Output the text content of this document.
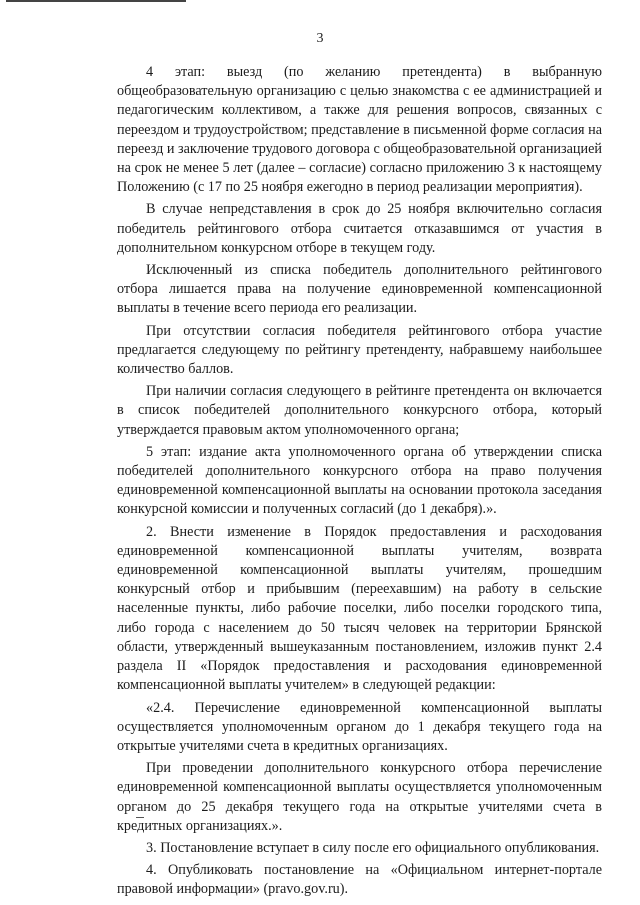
3

4 этап: выезд (по желанию претендента) в выбранную общеобразовательную организацию с целью знакомства с ее администрацией и педагогическим коллективом, а также для решения вопросов, связанных с переездом и трудоустройством; представление в письменной форме согласия на переезд и заключение трудового договора с общеобразовательной организацией на срок не менее 5 лет (далее – согласие) согласно приложению 3 к настоящему Положению (с 17 по 25 ноября ежегодно в период реализации мероприятия).

В случае непредставления в срок до 25 ноября включительно согласия победитель рейтингового отбора считается отказавшимся от участия в дополнительном конкурсном отборе в текущем году.

Исключенный из списка победитель дополнительного рейтингового отбора лишается права на получение единовременной компенсационной выплаты в течение всего периода его реализации.

При отсутствии согласия победителя рейтингового отбора участие предлагается следующему по рейтингу претенденту, набравшему наибольшее количество баллов.

При наличии согласия следующего в рейтинге претендента он включается в список победителей дополнительного конкурсного отбора, который утверждается правовым актом уполномоченного органа;

5 этап: издание акта уполномоченного органа об утверждении списка победителей дополнительного конкурсного отбора на право получения единовременной компенсационной выплаты на основании протокола заседания конкурсной комиссии и полученных согласий (до 1 декабря).».

2. Внести изменение в Порядок предоставления и расходования единовременной компенсационной выплаты учителям, возврата единовременной компенсационной выплаты учителям, прошедшим конкурсный отбор и прибывшим (переехавшим) на работу в сельские населенные пункты, либо рабочие поселки, либо поселки городского типа, либо города с населением до 50 тысяч человек на территории Брянской области, утвержденный вышеуказанным постановлением, изложив пункт 2.4 раздела II «Порядок предоставления и расходования единовременной компенсационной выплаты учителем» в следующей редакции:

«2.4. Перечисление единовременной компенсационной выплаты осуществляется уполномоченным органом до 1 декабря текущего года на открытые учителями счета в кредитных организациях.

При проведении дополнительного конкурсного отбора перечисление единовременной компенсационной выплаты осуществляется уполномоченным органом до 25 декабря текущего года на открытые учителями счета в кредитных организациях.».

3. Постановление вступает в силу после его официального опубликования.

4. Опубликовать постановление на «Официальном интернет-портале правовой информации» (pravo.gov.ru).
